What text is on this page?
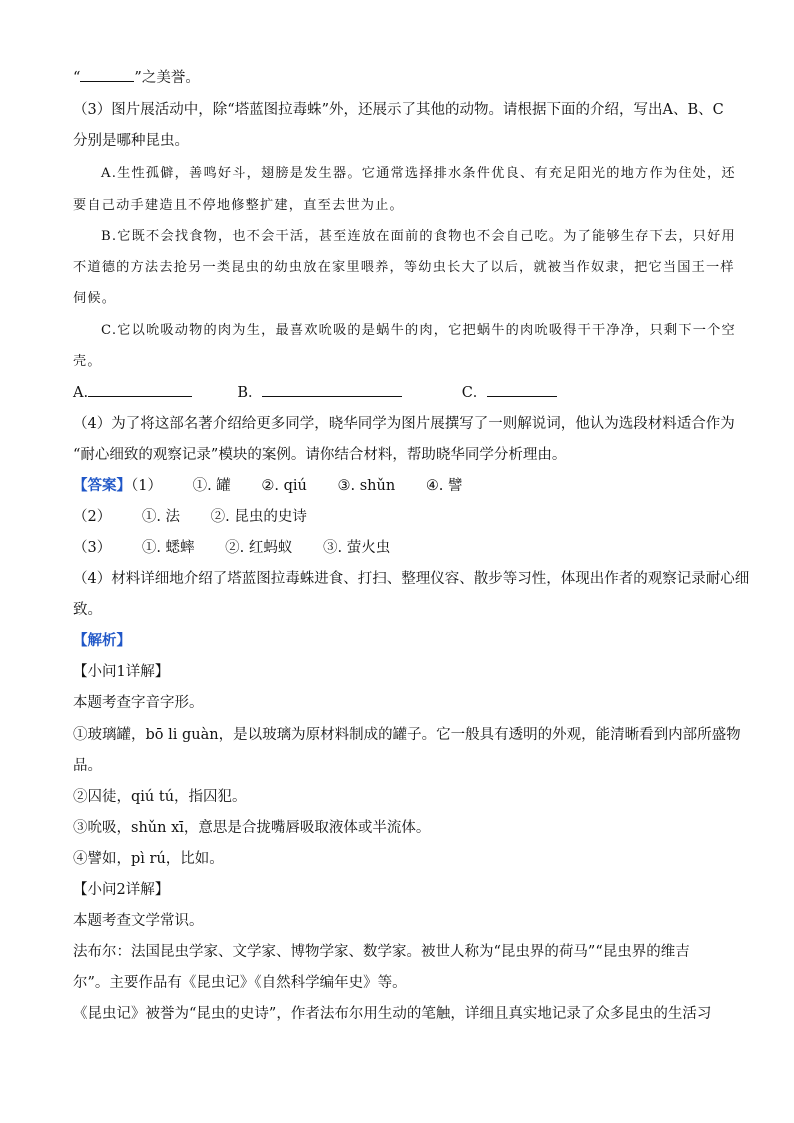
“	”之美誉。
（3）图片展活动中，除“塔蓝图拉毒蛛”外，还展示了其他的动物。请根据下面的介绍，写出A、B、C
分别是哪种昆虫。
A.生性孤僻，善鸣好斗，翅膀是发生器。它通常选择排水条件优良、有充足阳光的地方作为住处，还
要自己动手建造且不停地修整扩建，直至去世为止。
B.它既不会找食物，也不会干活，甚至连放在面前的食物也不会自己吃。为了能够生存下去，只好用
不道德的方法去抢另一类昆虫的幼虫放在家里喂养，等幼虫长大了以后，就被当作奴隶，把它当国王一样
伺候。
C.它以吮吸动物的肉为生，最喜欢吮吸的是蜗牛的肉，它把蜗牛的肉吮吸得干干净净，只剩下一个空
壳。
A.	B．	C．
（4）为了将这部名著介绍给更多同学，晓华同学为图片展撰写了一则解说词，他认为选段材料适合作为
“耐心细致的观察记录”模块的案例。请你结合材料，帮助晓华同学分析理由。
【答案】（1） ①. 罐 ②. qiú ③. shǔn ④. 譬
（2） ①. 法 ②. 昆虫的史诗
（3） ①. 蟋蟀 ②. 红蚂蚁 ③. 萤火虫
（4）材料详细地介绍了塔蓝图拉毒蛛进食、打扫、整理仪容、散步等习性，体现出作者的观察记录耐心细
致。
【解析】
【小问1详解】
本题考查字音字形。
①玻璃罐，bō li guàn，是以玻璃为原材料制成的罐子。它一般具有透明的外观，能清晰看到内部所盛物
品。
②囚徒，qiú tú，指囚犯。
③吮吸，shǔn xī，意思是合拢嘴唇吸取液体或半流体。
④譬如，pì rú，比如。
【小问2详解】
本题考查文学常识。
法布尔：法国昆虫学家、文学家、博物学家、数学家。被世人称为“昆虫界的荷马”“昆虫界的维吉
尔”。主要作品有《昆虫记》《自然科学编年史》等。
《昆虫记》被誉为“昆虫的史诗”，作者法布尔用生动的笔触，详细且真实地记录了众多昆虫的生活习
